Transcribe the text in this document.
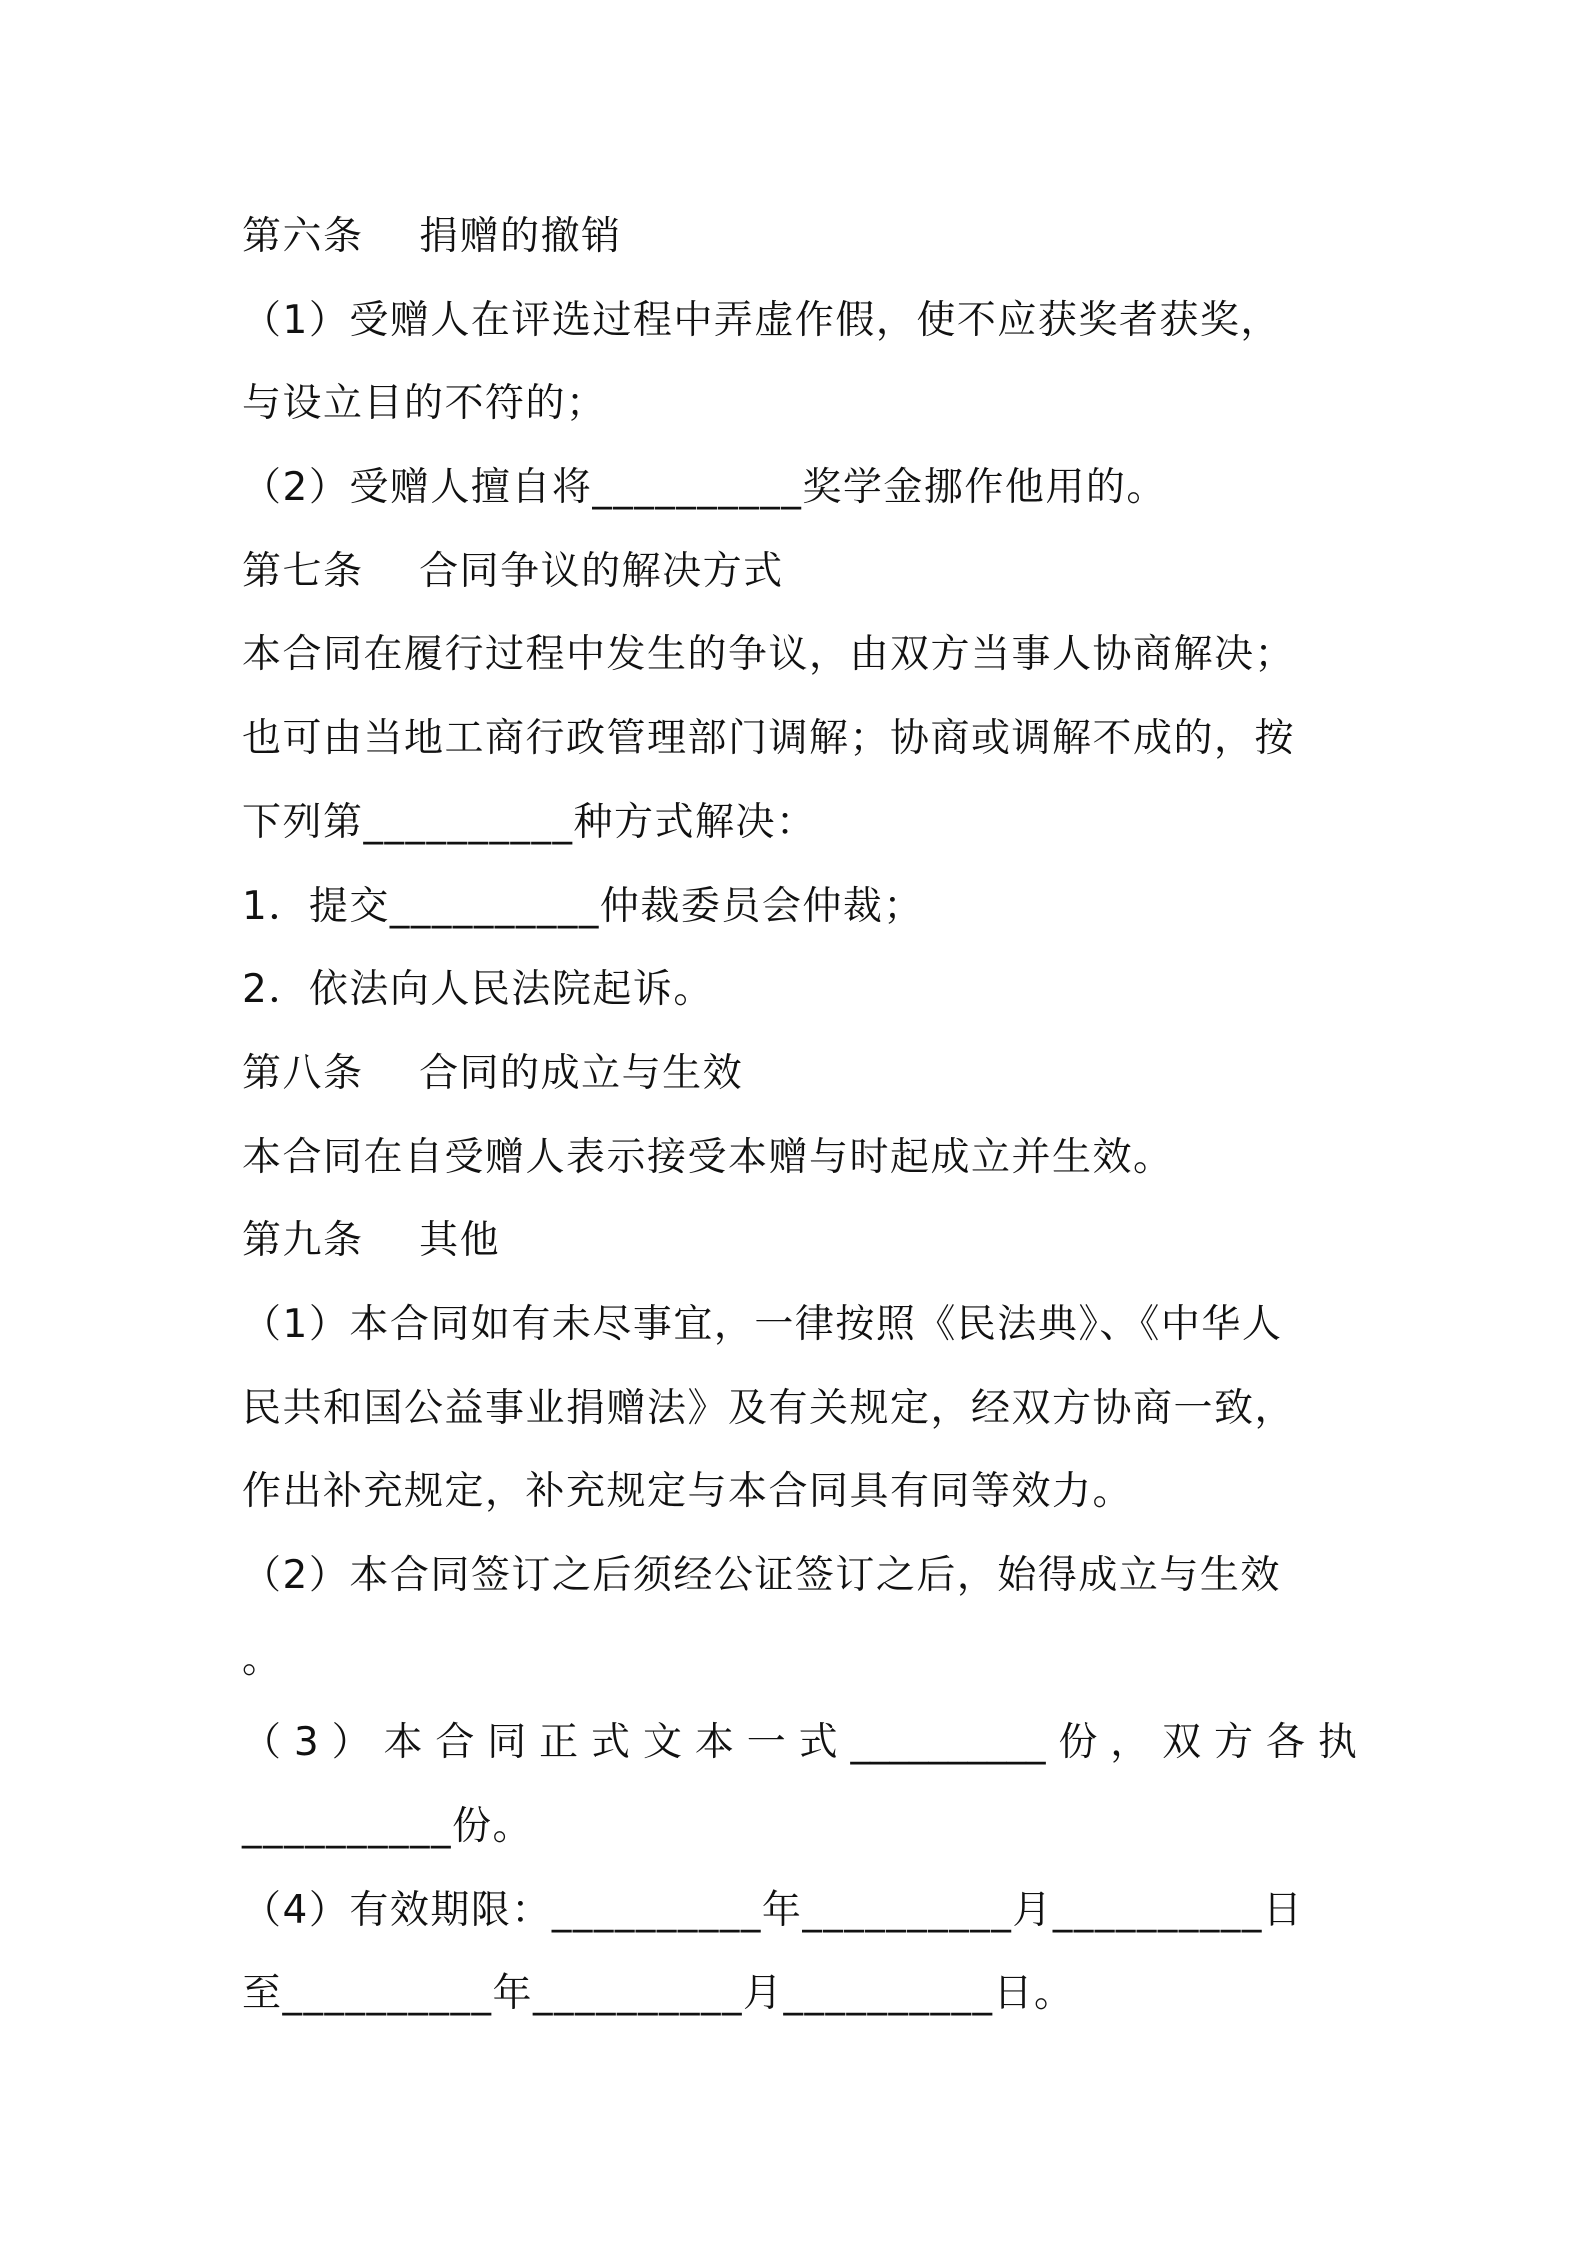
第六条    捐赠的撤销
（1）受赠人在评选过程中弄虚作假，使不应获奖者获奖，
与设立目的不符的；
（2）受赠人擅自将__________奖学金挪作他用的。
第七条    合同争议的解决方式
本合同在履行过程中发生的争议，由双方当事人协商解决；
也可由当地工商行政管理部门调解；协商或调解不成的，按
下列第__________种方式解决：
1．提交__________仲裁委员会仲裁；
2．依法向人民法院起诉。
第八条    合同的成立与生效
本合同在自受赠人表示接受本赠与时起成立并生效。
第九条    其他
（1）本合同如有未尽事宜，一律按照《民法典》、《中华人
民共和国公益事业捐赠法》及有关规定，经双方协商一致，
作出补充规定，补充规定与本合同具有同等效力。
（2）本合同签订之后须经公证签订之后，始得成立与生效
。
（ 3 ） 本 合 同 正 式 文 本 一 式 __________ 份 ， 双 方 各 执
__________份。
（4）有效期限：__________年__________月__________日
至__________年__________月__________日。
